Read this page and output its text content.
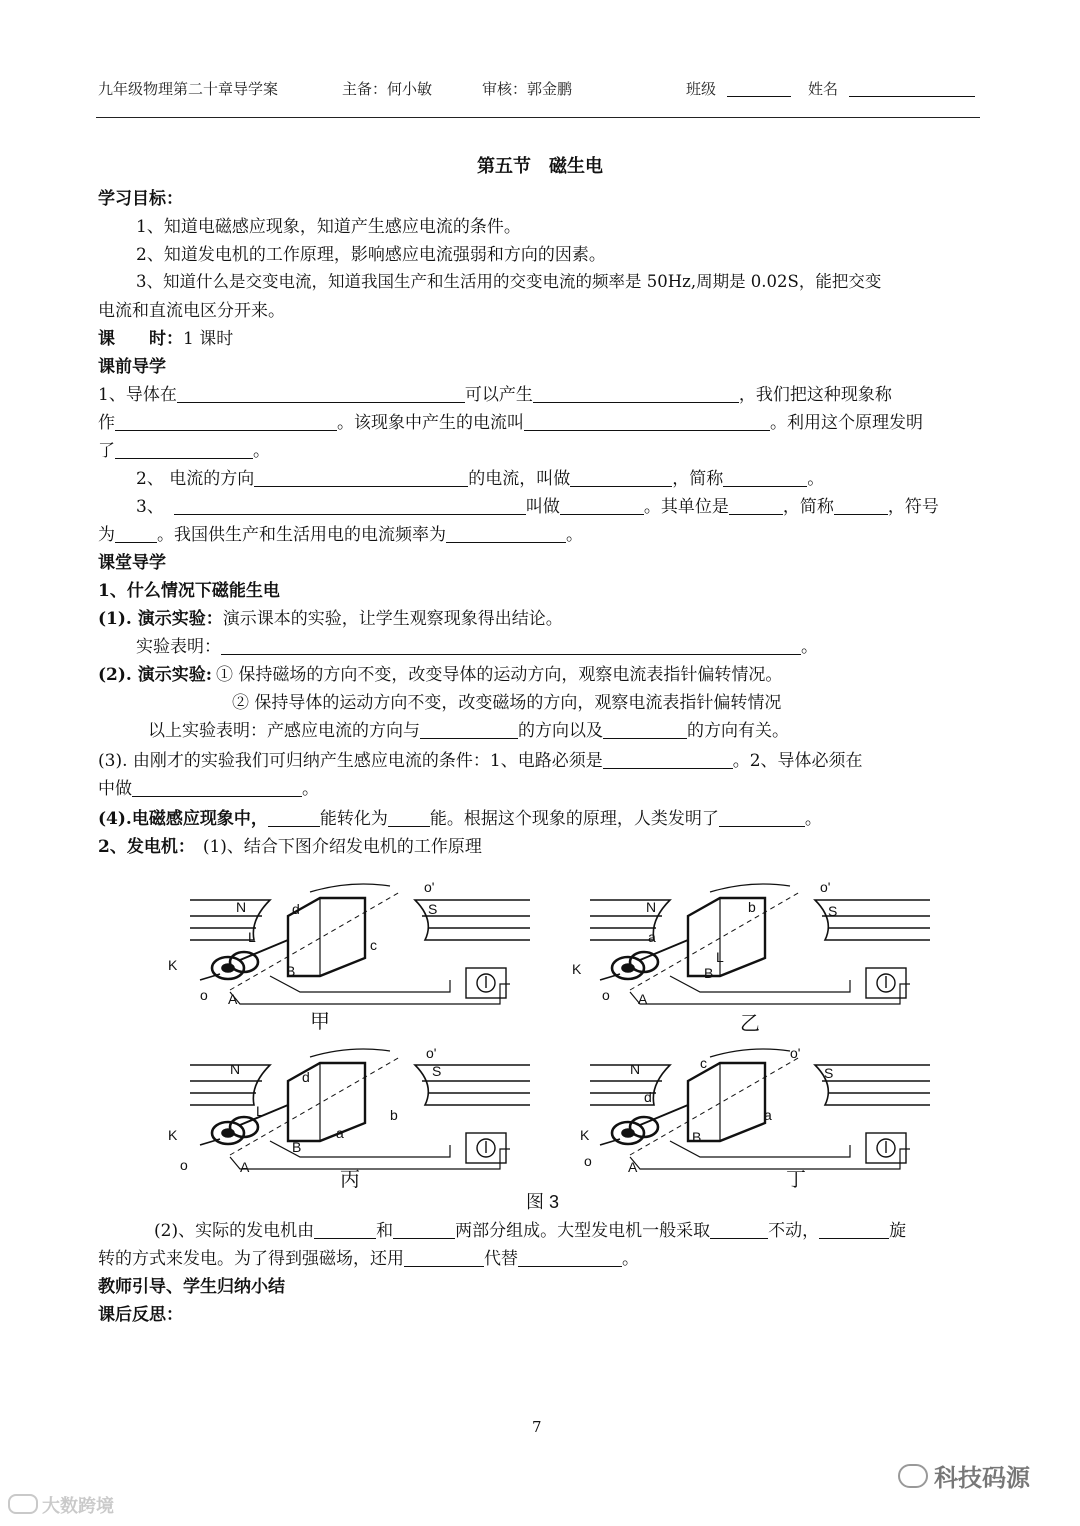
九年级物理第二十章导学案	主备：何小敏	审核：郭金鹏	班级	姓名
第五节　磁生电
学习目标：
1、知道电磁感应现象，知道产生感应电流的条件。
2、知道发电机的工作原理，影响感应电流强弱和方向的因素。
3、知道什么是交变电流，知道我国生产和生活用的交变电流的频率是 50Hz,周期是 0.02S，能把交变
电流和直流电区分开来。
课　　时：1 课时
课前导学
1、导体在	可以产生	，我们把这种现象称
作	。该现象中产生的电流叫	。利用这个原理发明
了	。
2、 电流的方向	的电流，叫做	，简称	。
3、	叫做	。其单位是	，简称	，符号
为 。我国供生产和生活用电的电流频率为	。
课堂导学
1、什么情况下磁能生电
(1). 演示实验：演示课本的实验，让学生观察现象得出结论。
实验表明：	。
(2). 演示实验: ① 保持磁场的方向不变，改变导体的运动方向，观察电流表指针偏转情况。
② 保持导体的运动方向不变，改变磁场的方向，观察电流表指针偏转情况
以上实验表明：产感应电流的方向与	的方向以及	的方向有关。
(3). 由刚才的实验我们可归纳产生感应电流的条件：1、电路必须是	。2、导体必须在
中做	。
(4).电磁感应现象中，	能转化为 能。根据这个现象的原理，人类发明了	。
2、发电机： (1)、结合下图介绍发电机的工作原理
N	S
K
A
B
L
o
o'
d
c
N	S
K
A
B
L
o
o'
b
a
N	S
K
A
B
L
o
o'
d
b
a
N	S
K
A
B
o
o'
c
d
a
甲	乙
丙	丁
图 3
(2)、实际的发电机由	和	两部分组成。大型发电机一般采取	不动，	旋
转的方式来发电。为了得到强磁场，还用	代替	。
教师引导、学生归纳小结
课后反思：
7
大数跨境
科技码源
